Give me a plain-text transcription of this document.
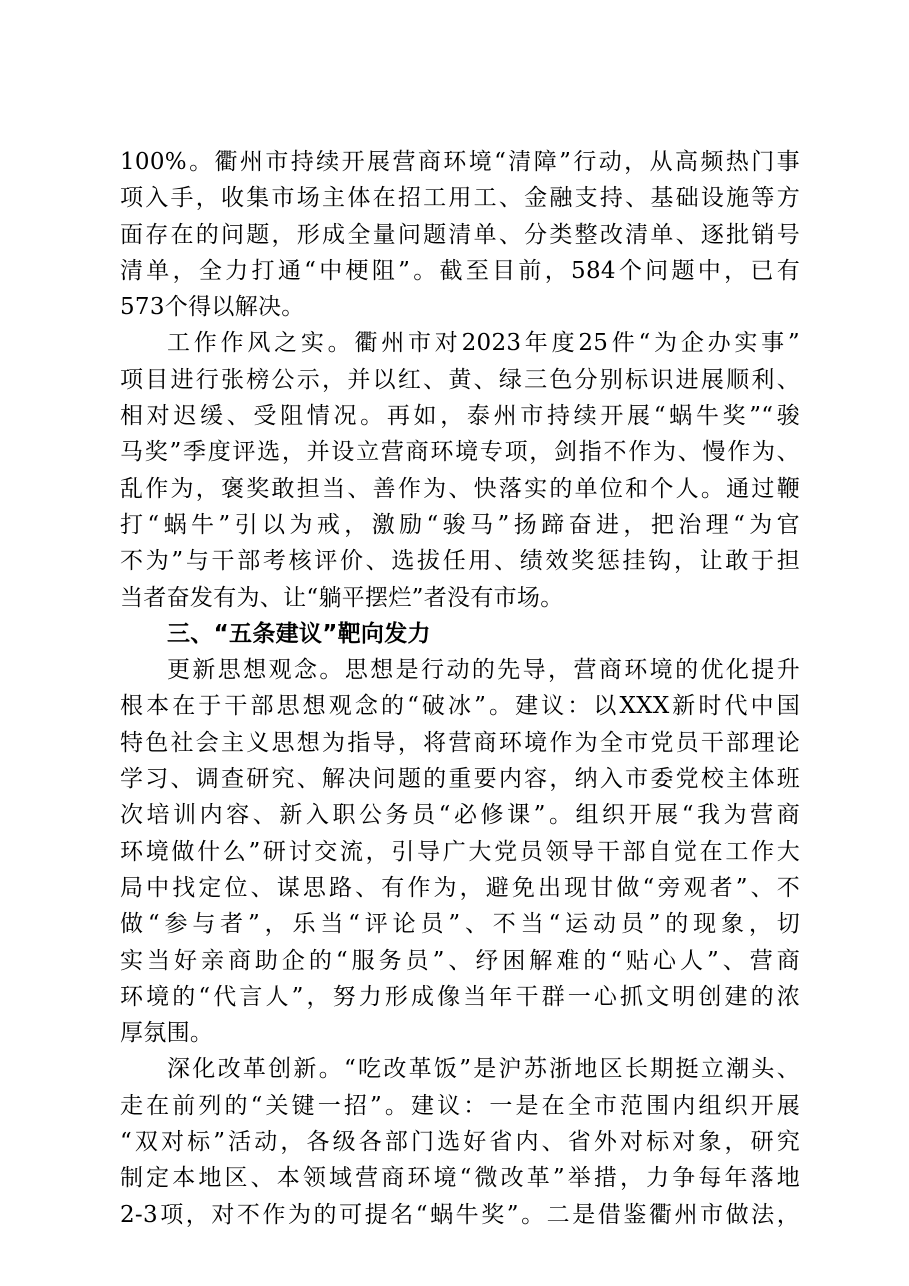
100%。衢州市持续开展营商环境“清障”行动，从高频热门事
项入手，收集市场主体在招工用工、金融支持、基础设施等方
面存在的问题，形成全量问题清单、分类整改清单、逐批销号
清单，全力打通“中梗阻”。截至目前，584个问题中，已有
573个得以解决。
工作作风之实。衢州市对2023年度25件“为企办实事”
项目进行张榜公示，并以红、黄、绿三色分别标识进展顺利、
相对迟缓、受阻情况。再如，泰州市持续开展“蜗牛奖”“骏
马奖”季度评选，并设立营商环境专项，剑指不作为、慢作为、
乱作为，褒奖敢担当、善作为、快落实的单位和个人。通过鞭
打“蜗牛”引以为戒，激励“骏马”扬蹄奋进，把治理“为官
不为”与干部考核评价、选拔任用、绩效奖惩挂钩，让敢于担
当者奋发有为、让“躺平摆烂”者没有市场。
三、“五条建议”靶向发力
更新思想观念。思想是行动的先导，营商环境的优化提升
根本在于干部思想观念的“破冰”。建议：以XXX新时代中国
特色社会主义思想为指导，将营商环境作为全市党员干部理论
学习、调查研究、解决问题的重要内容，纳入市委党校主体班
次培训内容、新入职公务员“必修课”。组织开展“我为营商
环境做什么”研讨交流，引导广大党员领导干部自觉在工作大
局中找定位、谋思路、有作为，避免出现甘做“旁观者”、不
做“参与者”，乐当“评论员”、不当“运动员”的现象，切
实当好亲商助企的“服务员”、纾困解难的“贴心人”、营商
环境的“代言人”，努力形成像当年干群一心抓文明创建的浓
厚氛围。
深化改革创新。“吃改革饭”是沪苏浙地区长期挺立潮头、
走在前列的“关键一招”。建议：一是在全市范围内组织开展
“双对标”活动，各级各部门选好省内、省外对标对象，研究
制定本地区、本领域营商环境“微改革”举措，力争每年落地
2-3项，对不作为的可提名“蜗牛奖”。二是借鉴衢州市做法，
